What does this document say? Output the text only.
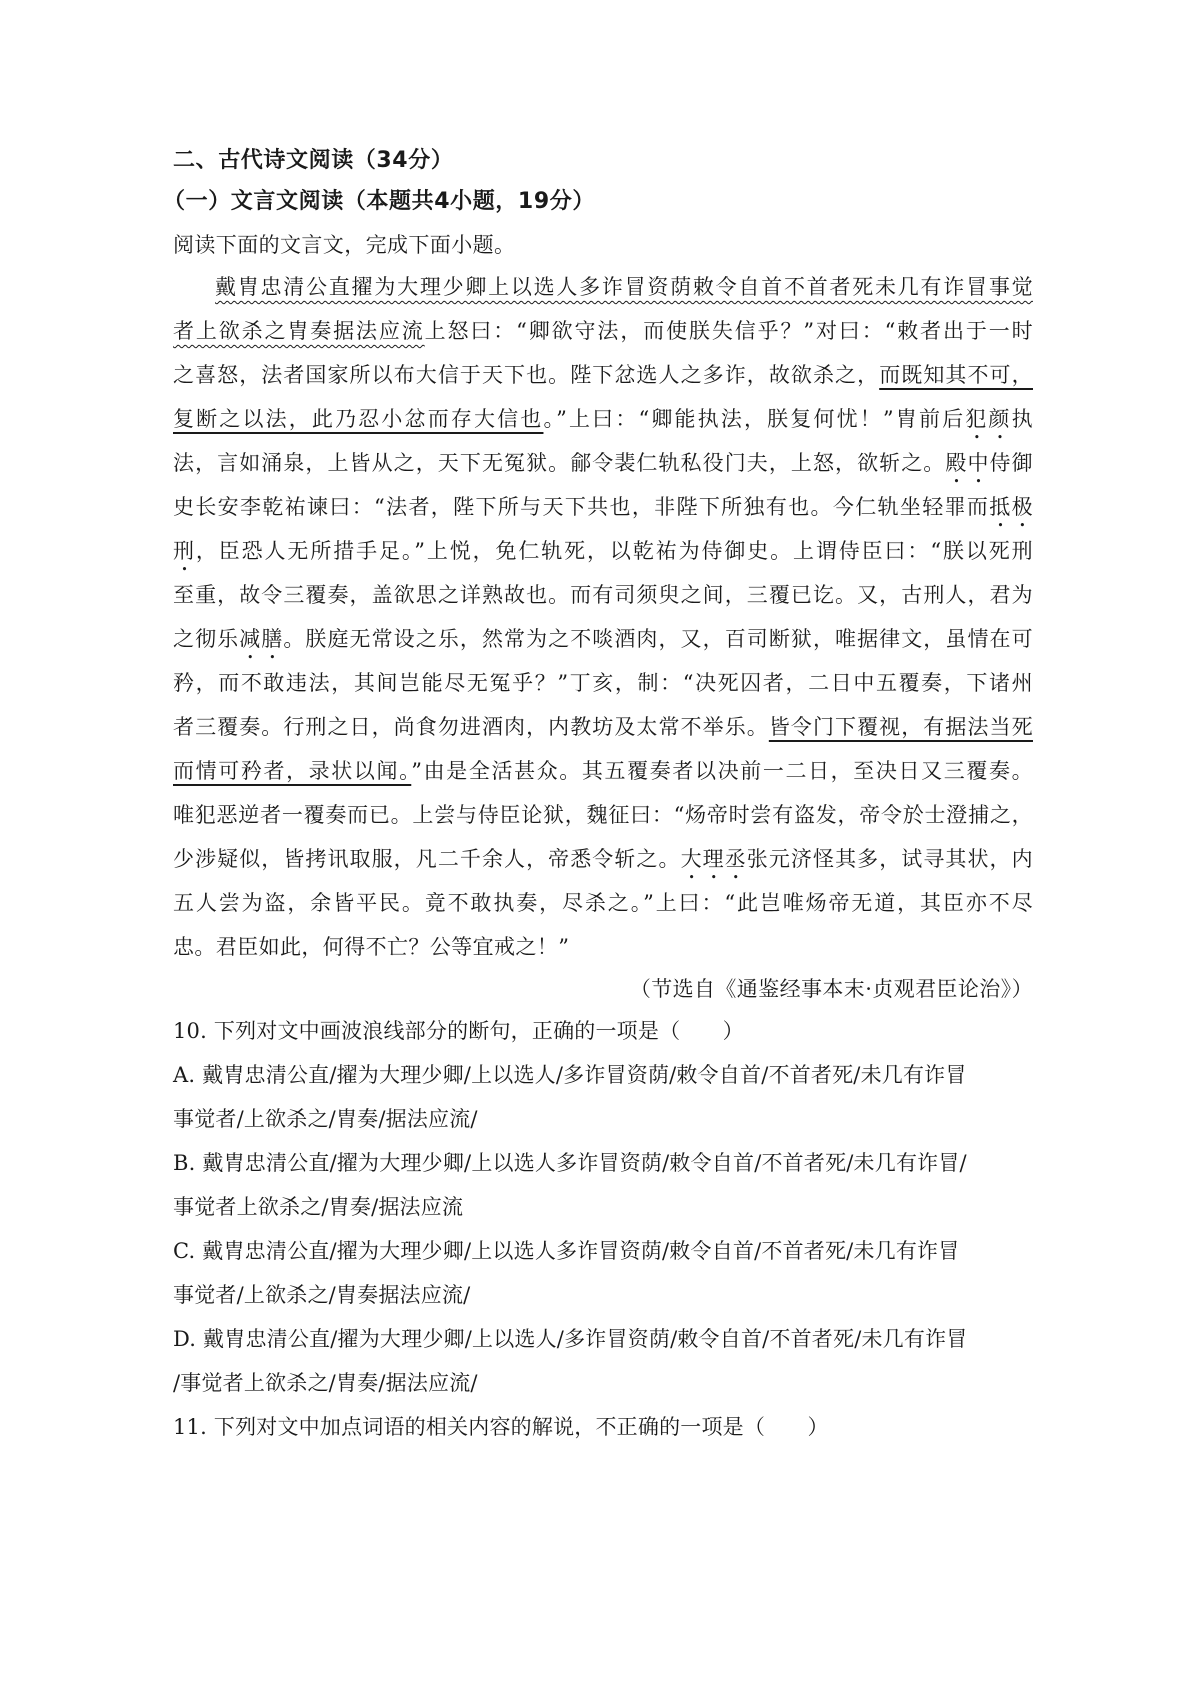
二、古代诗文阅读（34分）
（一）文言文阅读（本题共4小题，19分）
阅读下面的文言文，完成下面小题。
戴胄忠清公直擢为大理少卿上以选人多诈冒资荫敕令自首不首者死未几有诈冒事觉
者上欲杀之胄奏据法应流上怒曰：“卿欲守法，而使朕失信乎？”对曰：“敕者出于一时
之喜怒，法者国家所以布大信于天下也。陛下忿选人之多诈，故欲杀之，而既知其不可，
复断之以法，此乃忍小忿而存大信也。”上曰：“卿能执法，朕复何忧！”胄前后犯颜执
法，言如涌泉，上皆从之，天下无冤狱。鄃令裴仁轨私役门夫，上怒，欲斩之。殿中侍御
史长安李乾祐谏曰：“法者，陛下所与天下共也，非陛下所独有也。今仁轨坐轻罪而抵极
刑，臣恐人无所措手足。”上悦，免仁轨死，以乾祐为侍御史。上谓侍臣曰：“朕以死刑
至重，故令三覆奏，盖欲思之详熟故也。而有司须臾之间，三覆已讫。又，古刑人，君为
之彻乐减膳。朕庭无常设之乐，然常为之不啖酒肉，又，百司断狱，唯据律文，虽情在可
矜，而不敢违法，其间岂能尽无冤乎？”丁亥，制：“决死囚者，二日中五覆奏，下诸州
者三覆奏。行刑之日，尚食勿进酒肉，内教坊及太常不举乐。皆令门下覆视，有据法当死
而情可矜者，录状以闻。”由是全活甚众。其五覆奏者以决前一二日，至决日又三覆奏。
唯犯恶逆者一覆奏而已。上尝与侍臣论狱，魏征曰：“炀帝时尝有盗发，帝令於士澄捕之，
少涉疑似，皆拷讯取服，凡二千余人，帝悉令斩之。大理丞张元济怪其多，试寻其状，内
五人尝为盗，余皆平民。竟不敢执奏，尽杀之。”上曰：“此岂唯炀帝无道，其臣亦不尽
忠。君臣如此，何得不亡？公等宜戒之！”
（节选自《通鉴经事本末·贞观君臣论治》）
10. 下列对文中画波浪线部分的断句，正确的一项是（　　）
A. 戴胄忠清公直/擢为大理少卿/上以选人/多诈冒资荫/敕令自首/不首者死/未几有诈冒
事觉者/上欲杀之/胄奏/据法应流/
B. 戴胄忠清公直/擢为大理少卿/上以选人多诈冒资荫/敕令自首/不首者死/未几有诈冒/
事觉者上欲杀之/胄奏/据法应流
C. 戴胄忠清公直/擢为大理少卿/上以选人多诈冒资荫/敕令自首/不首者死/未几有诈冒
事觉者/上欲杀之/胄奏据法应流/
D. 戴胄忠清公直/擢为大理少卿/上以选人/多诈冒资荫/敕令自首/不首者死/未几有诈冒
/事觉者上欲杀之/胄奏/据法应流/
11. 下列对文中加点词语的相关内容的解说，不正确的一项是（　　）
